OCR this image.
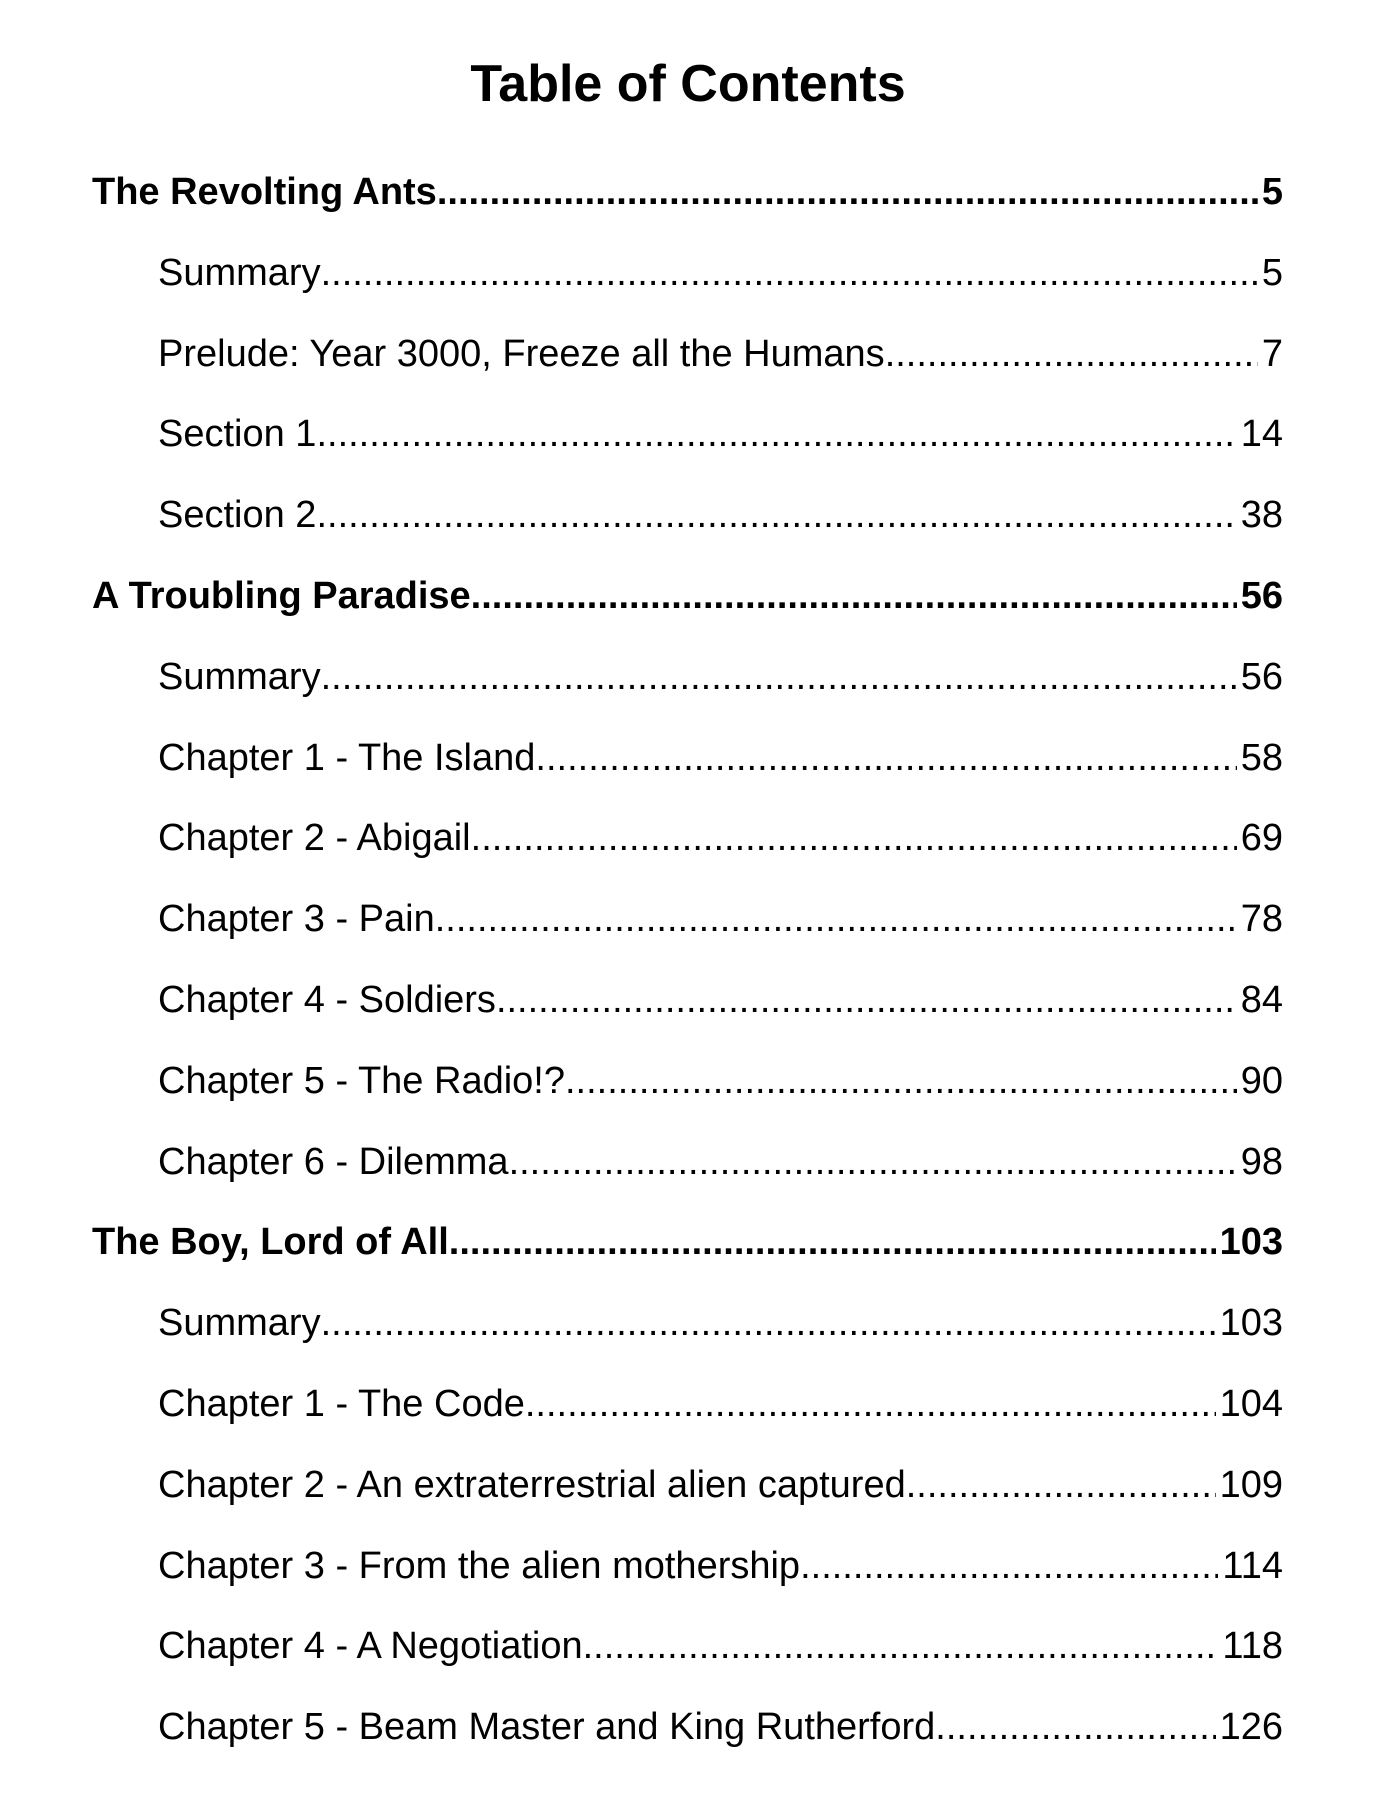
Table of Contents
The Revolting Ants .....	5
Summary .....	5
Prelude: Year 3000, Freeze all the Humans .....	7
Section 1 .....	14
Section 2 .....	38
A Troubling Paradise .....	56
Summary .....	56
Chapter 1 - The Island .....	58
Chapter 2 - Abigail .....	69
Chapter 3 - Pain .....	78
Chapter 4 - Soldiers .....	84
Chapter 5 - The Radio!? .....	90
Chapter 6 - Dilemma .....	98
The Boy, Lord of All .....	103
Summary .....	103
Chapter 1 - The Code .....	104
Chapter 2 - An extraterrestrial alien captured .....	109
Chapter 3 - From the alien mothership .....	114
Chapter 4 - A Negotiation .....	118
Chapter 5 - Beam Master and King Rutherford .....	126
